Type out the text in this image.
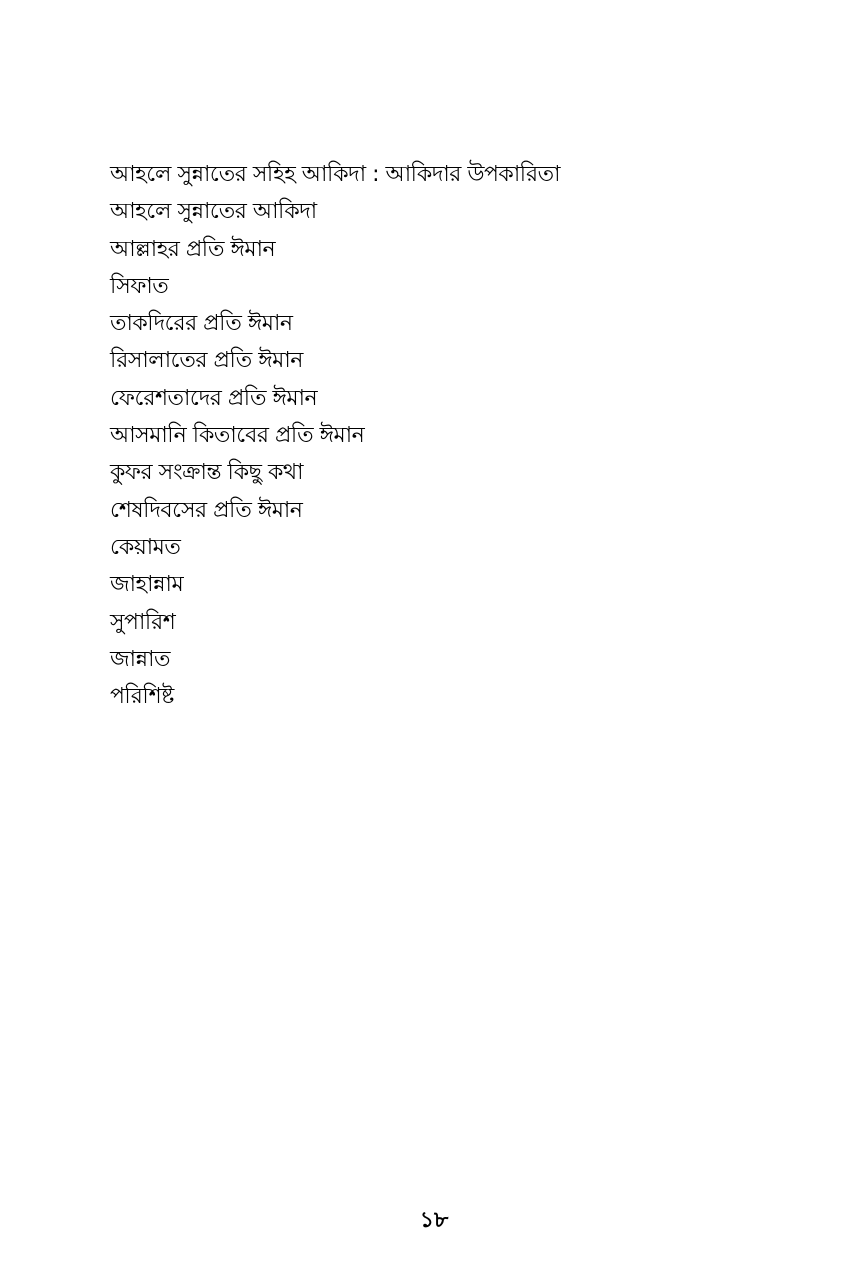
আহলে সুন্নাতের সহিহ আকিদা : আকিদার উপকারিতা
আহলে সুন্নাতের আকিদা
আল্লাহর প্রতি ঈমান
সিফাত
তাকদিরের প্রতি ঈমান
রিসালাতের প্রতি ঈমান
ফেরেশতাদের প্রতি ঈমান
আসমানি কিতাবের প্রতি ঈমান
কুফর সংক্রান্ত কিছু কথা
শেষদিবসের প্রতি ঈমান
কেয়ামত
জাহান্নাম
সুপারিশ
জান্নাত
পরিশিষ্ট
১৮
